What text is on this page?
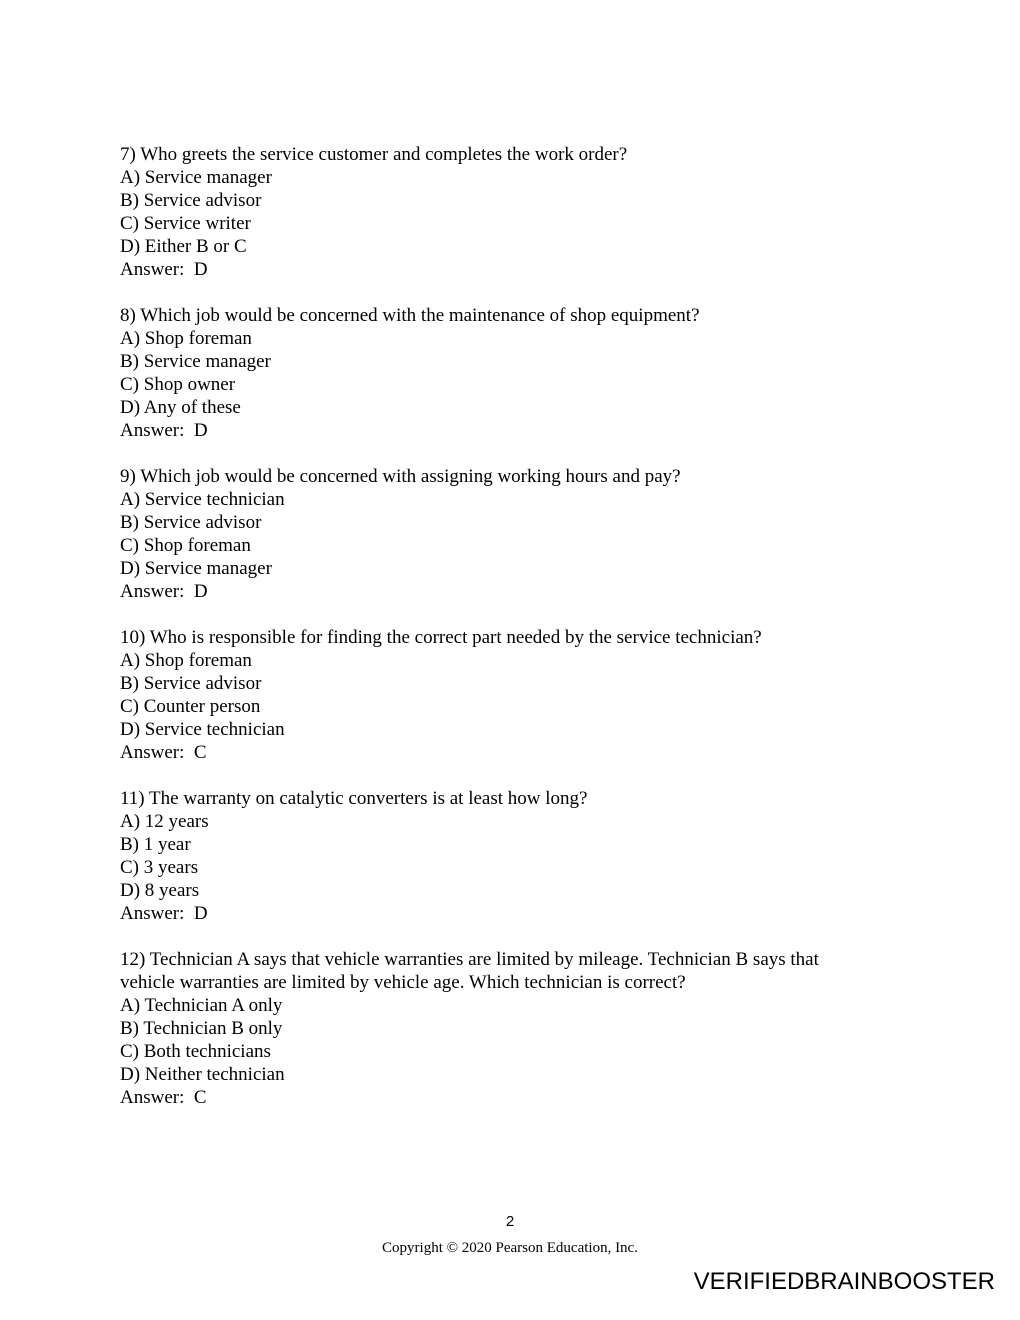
7) Who greets the service customer and completes the work order?
A) Service manager
B) Service advisor
C) Service writer
D) Either B or C
Answer:  D
8) Which job would be concerned with the maintenance of shop equipment?
A) Shop foreman
B) Service manager
C) Shop owner
D) Any of these
Answer:  D
9) Which job would be concerned with assigning working hours and pay?
A) Service technician
B) Service advisor
C) Shop foreman
D) Service manager
Answer:  D
10) Who is responsible for finding the correct part needed by the service technician?
A) Shop foreman
B) Service advisor
C) Counter person
D) Service technician
Answer:  C
11) The warranty on catalytic converters is at least how long?
A) 12 years
B) 1 year
C) 3 years
D) 8 years
Answer:  D
12) Technician A says that vehicle warranties are limited by mileage. Technician B says that
vehicle warranties are limited by vehicle age. Which technician is correct?
A) Technician A only
B) Technician B only
C) Both technicians
D) Neither technician
Answer:  C
2
Copyright © 2020 Pearson Education, Inc.
VERIFIEDBRAINBOOSTER
